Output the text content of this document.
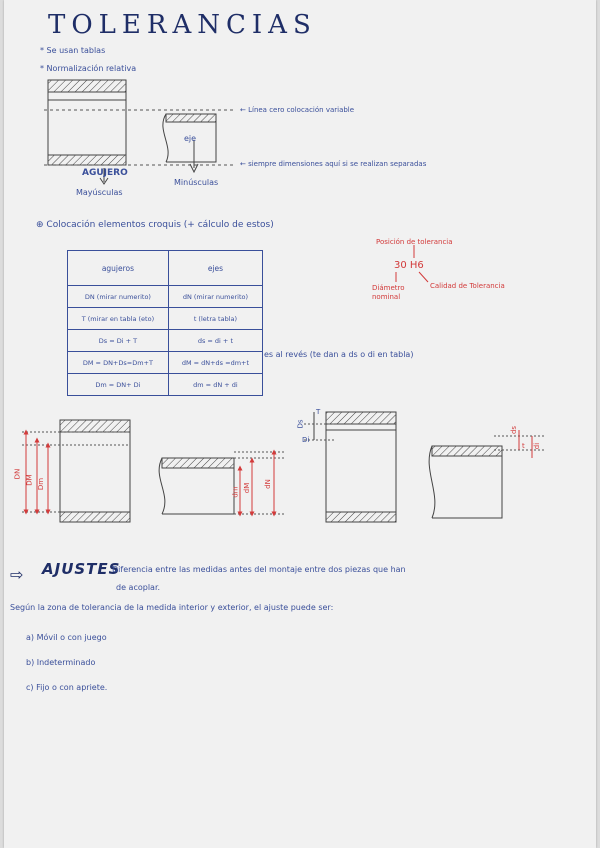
TOLERANCIAS
* Se usan tablas
* Normalización relativa
← Línea cero colocación variable
← siempre dimensiones aquí si se realizan separadas
eje
AGUJERO
Mayúsculas
Minúsculas
⊕ Colocación elementos croquis (+ cálculo de estos)
Posición de tolerancia
30 H6
Diámetro nominal
Calidad de Tolerancia
agujeros	ejes
DN (mirar numerito)	dN (mirar numerito)
T (mirar en tabla (eto)	t (letra tabla)
Ds = Di + T	ds = di + t
DM = DN+Ds=Dm+T	dM = dN+ds =dm+t
Dm = DN+ Di	dm = dN + di
es al revés (te dan a ds o di en tabla)
DN
DM Dm
dm dM dN
Ds
Di
T
ds
t di
⇨ AJUSTES
Diferencia entre las medidas antes del montaje entre dos piezas que han
de acoplar.
Según la zona de tolerancia de la medida interior y exterior, el ajuste puede ser:
a) Móvil o con juego
b) Indeterminado
c) Fijo o con apriete.
